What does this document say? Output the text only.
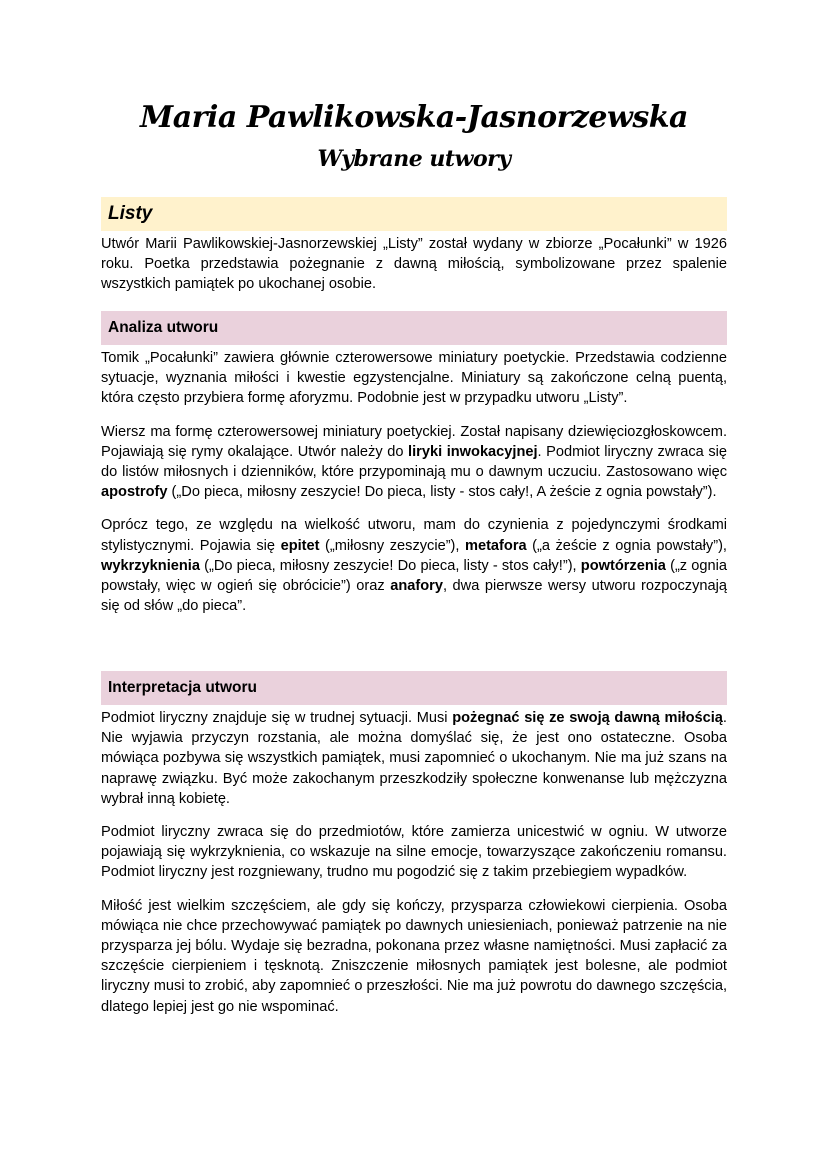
Maria Pawlikowska-Jasnorzewska
Wybrane utwory
Listy

Utwór Marii Pawlikowskiej-Jasnorzewskiej „Listy” został wydany w zbiorze „Pocałunki” w 1926 roku. Poetka przedstawia pożegnanie z dawną miłością, symbolizowane przez spalenie wszystkich pamiątek po ukochanej osobie.

Analiza utworu

Tomik „Pocałunki” zawiera głównie czterowersowe miniatury poetyckie. Przedstawia codzienne sytuacje, wyznania miłości i kwestie egzystencjalne. Miniatury są zakończone celną puentą, która często przybiera formę aforyzmu. Podobnie jest w przypadku utworu „Listy”.

Wiersz ma formę czterowersowej miniatury poetyckiej. Został napisany dziewięciozgłoskowcem. Pojawiają się rymy okalające. Utwór należy do liryki inwokacyjnej. Podmiot liryczny zwraca się do listów miłosnych i dzienników, które przypominają mu o dawnym uczuciu. Zastosowano więc apostrofy („Do pieca, miłosny zeszycie! Do pieca, listy - stos cały!, A żeście z ognia powstały”).

Oprócz tego, ze względu na wielkość utworu, mam do czynienia z pojedynczymi środkami stylistycznymi. Pojawia się epitet („miłosny zeszycie”), metafora („a żeście z ognia powstały”), wykrzyknienia („Do pieca, miłosny zeszycie! Do pieca, listy - stos cały!”), powtórzenia („z ognia powstały, więc w ogień się obrócicie”) oraz anafory, dwa pierwsze wersy utworu rozpoczynają się od słów „do pieca”.

Interpretacja utworu

Podmiot liryczny znajduje się w trudnej sytuacji. Musi pożegnać się ze swoją dawną miłością. Nie wyjawia przyczyn rozstania, ale można domyślać się, że jest ono ostateczne. Osoba mówiąca pozbywa się wszystkich pamiątek, musi zapomnieć o ukochanym. Nie ma już szans na naprawę związku. Być może zakochanym przeszkodziły społeczne konwenanse lub mężczyzna wybrał inną kobietę.

Podmiot liryczny zwraca się do przedmiotów, które zamierza unicestwić w ogniu. W utworze pojawiają się wykrzyknienia, co wskazuje na silne emocje, towarzyszące zakończeniu romansu. Podmiot liryczny jest rozgniewany, trudno mu pogodzić się z takim przebiegiem wypadków.

Miłość jest wielkim szczęściem, ale gdy się kończy, przysparza człowiekowi cierpienia. Osoba mówiąca nie chce przechowywać pamiątek po dawnych uniesieniach, ponieważ patrzenie na nie przysparza jej bólu. Wydaje się bezradna, pokonana przez własne namiętności. Musi zapłacić za szczęście cierpieniem i tęsknotą. Zniszczenie miłosnych pamiątek jest bolesne, ale podmiot liryczny musi to zrobić, aby zapomnieć o przeszłości. Nie ma już powrotu do dawnego szczęścia, dlatego lepiej jest go nie wspominać.
